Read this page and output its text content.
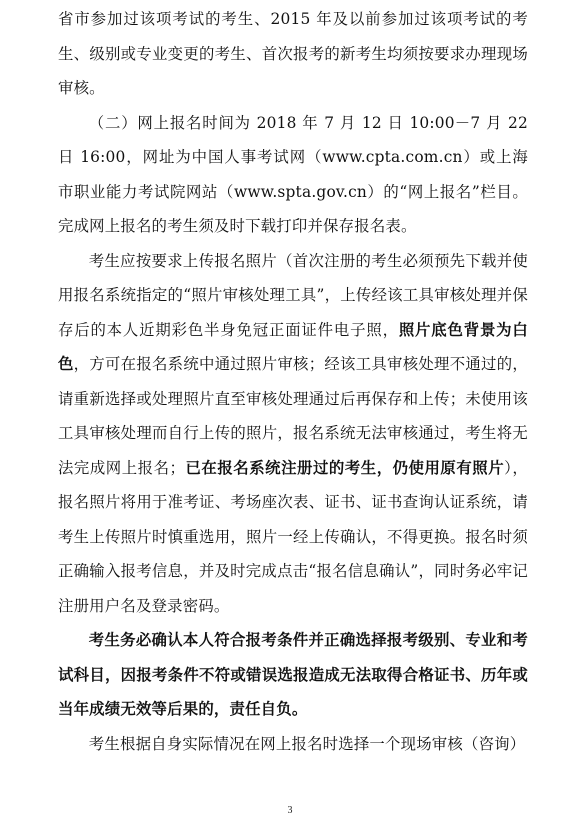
省市参加过该项考试的考生、2015 年及以前参加过该项考试的考生、级别或专业变更的考生、首次报考的新考生均须按要求办理现场审核。

（二）网上报名时间为 2018 年 7 月 12 日 10:00－7 月 22 日 16:00，网址为中国人事考试网（www.cpta.com.cn）或上海市职业能力考试院网站（www.spta.gov.cn）的“网上报名”栏目。完成网上报名的考生须及时下载打印并保存报名表。

考生应按要求上传报名照片（首次注册的考生必须预先下载并使用报名系统指定的“照片审核处理工具”，上传经该工具审核处理并保存后的本人近期彩色半身免冠正面证件电子照，照片底色背景为白色，方可在报名系统中通过照片审核；经该工具审核处理不通过的，请重新选择或处理照片直至审核处理通过后再保存和上传；未使用该工具审核处理而自行上传的照片，报名系统无法审核通过，考生将无法完成网上报名；已在报名系统注册过的考生，仍使用原有照片），报名照片将用于准考证、考场座次表、证书、证书查询认证系统，请考生上传照片时慎重选用，照片一经上传确认，不得更换。报名时须正确输入报考信息，并及时完成点击“报名信息确认”，同时务必牢记注册用户名及登录密码。

考生务必确认本人符合报考条件并正确选择报考级别、专业和考试科目，因报考条件不符或错误选报造成无法取得合格证书、历年或当年成绩无效等后果的，责任自负。

考生根据自身实际情况在网上报名时选择一个现场审核（咨询）

3
